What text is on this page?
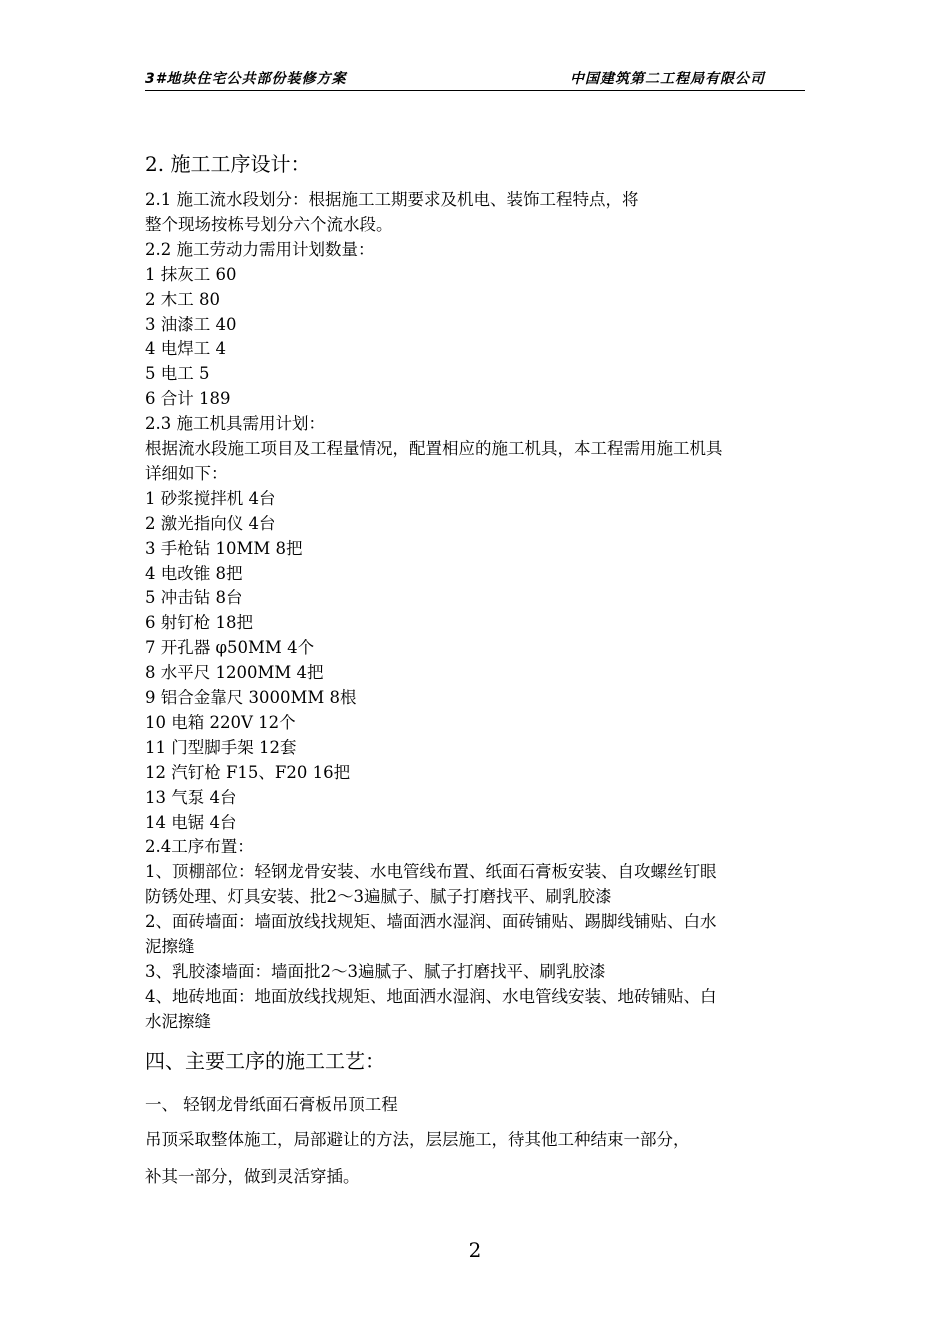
3#地块住宅公共部份装修方案	中国建筑第二工程局有限公司
2. 施工工序设计：
2.1 施工流水段划分：根据施工工期要求及机电、装饰工程特点，将
整个现场按栋号划分六个流水段。
2.2 施工劳动力需用计划数量：
1 抹灰工 60
2 木工 80
3 油漆工 40
4 电焊工 4
5 电工 5
6 合计 189
2.3 施工机具需用计划：
根据流水段施工项目及工程量情况，配置相应的施工机具，本工程需用施工机具
详细如下：
1 砂浆搅拌机 4台
2 激光指向仪 4台
3 手枪钻 10MM 8把
4 电改锥 8把
5 冲击钻 8台
6 射钉枪 18把
7 开孔器 φ50MM 4个
8 水平尺 1200MM 4把
9 铝合金靠尺 3000MM 8根
10 电箱 220V 12个
11 门型脚手架 12套
12 汽钉枪 F15、F20 16把
13 气泵 4台
14 电锯 4台
2.4工序布置：
1、顶棚部位：轻钢龙骨安装、水电管线布置、纸面石膏板安装、自攻螺丝钉眼
防锈处理、灯具安装、批2～3遍腻子、腻子打磨找平、刷乳胶漆
2、面砖墙面：墙面放线找规矩、墙面洒水湿润、面砖铺贴、踢脚线铺贴、白水
泥擦缝
3、乳胶漆墙面：墙面批2～3遍腻子、腻子打磨找平、刷乳胶漆
4、地砖地面：地面放线找规矩、地面洒水湿润、水电管线安装、地砖铺贴、白
水泥擦缝
四、主要工序的施工工艺：
一、 轻钢龙骨纸面石膏板吊顶工程
吊顶采取整体施工，局部避让的方法，层层施工，待其他工种结束一部分，
补其一部分，做到灵活穿插。
2
